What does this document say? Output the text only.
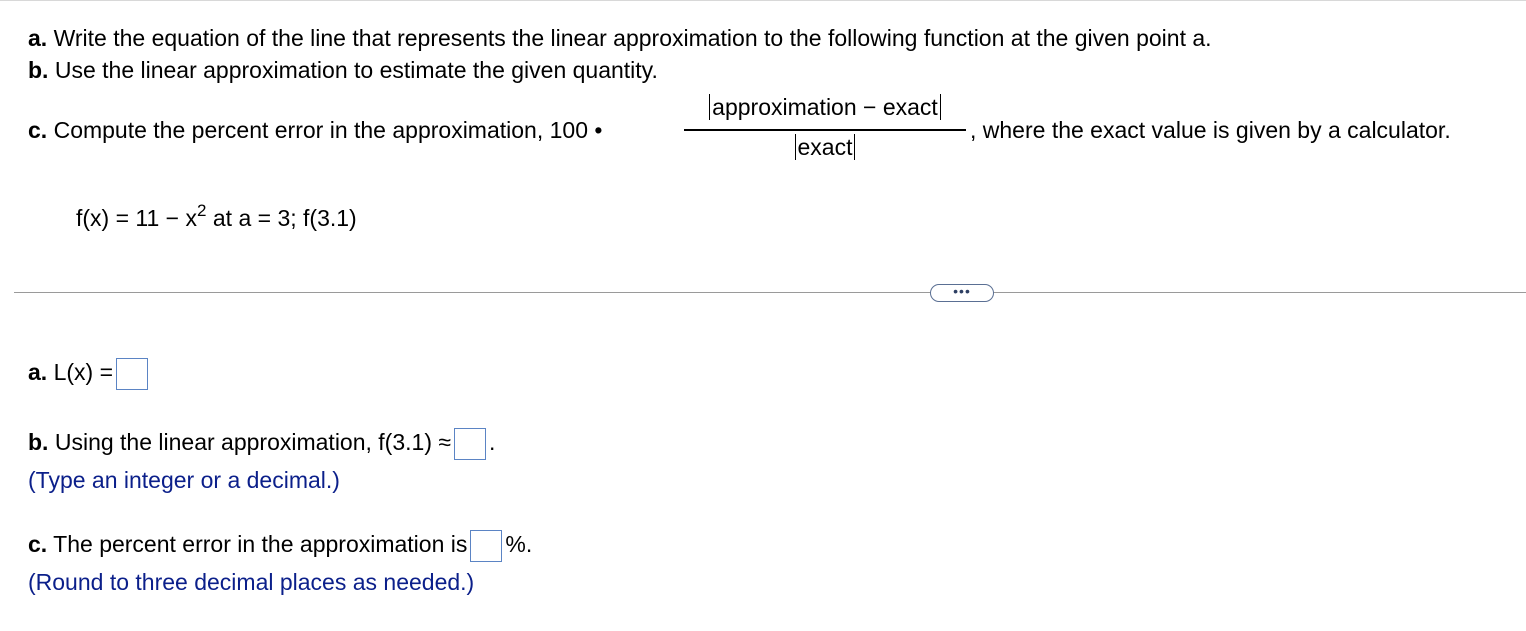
a. Write the equation of the line that represents the linear approximation to the following function at the given point a.
b. Use the linear approximation to estimate the given quantity.
c. Compute the percent error in the approximation, 100 •
approximation − exact
exact
, where the exact value is given by a calculator.
$f(x) = 11 - x^2$ at a = 3; f(3.1)
•••
a. L(x) =
b. Using the linear approximation, f(3.1) ≈ .
(Type an integer or a decimal.)
c. The percent error in the approximation is %.
(Round to three decimal places as needed.)
